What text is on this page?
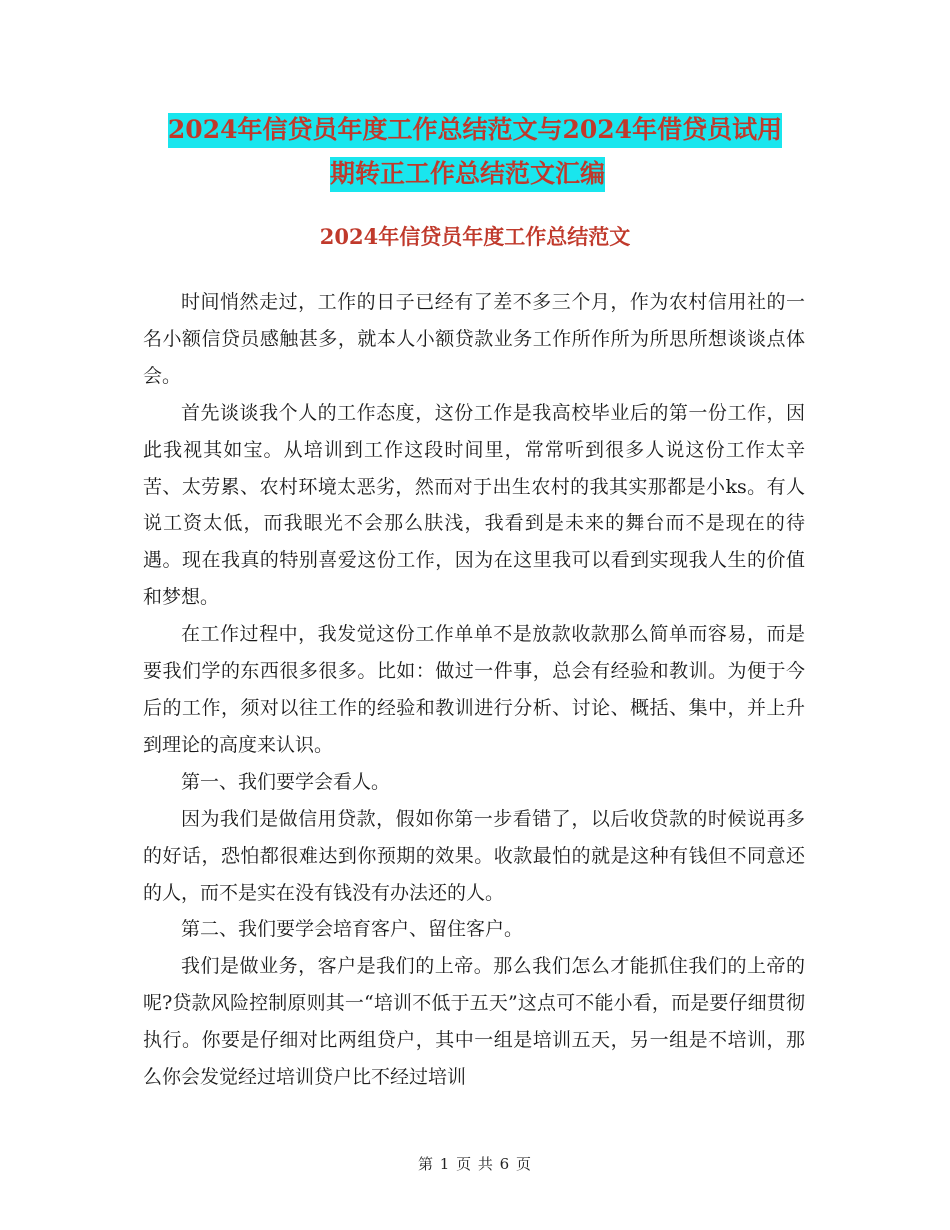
2024年信贷员年度工作总结范文与2024年借贷员试用
期转正工作总结范文汇编
2024年信贷员年度工作总结范文

时间悄然走过，工作的日子已经有了差不多三个月，作为农村信用社的一名小额信贷员感触甚多，就本人小额贷款业务工作所作所为所思所想谈谈点体会。

首先谈谈我个人的工作态度，这份工作是我高校毕业后的第一份工作，因此我视其如宝。从培训到工作这段时间里，常常听到很多人说这份工作太辛苦、太劳累、农村环境太恶劣，然而对于出生农村的我其实那都是小ks。有人说工资太低，而我眼光不会那么肤浅，我看到是未来的舞台而不是现在的待遇。现在我真的特别喜爱这份工作，因为在这里我可以看到实现我人生的价值和梦想。

在工作过程中，我发觉这份工作单单不是放款收款那么简单而容易，而是要我们学的东西很多很多。比如：做过一件事，总会有经验和教训。为便于今后的工作，须对以往工作的经验和教训进行分析、讨论、概括、集中，并上升到理论的高度来认识。

第一、我们要学会看人。

因为我们是做信用贷款，假如你第一步看错了，以后收贷款的时候说再多的好话，恐怕都很难达到你预期的效果。收款最怕的就是这种有钱但不同意还的人，而不是实在没有钱没有办法还的人。

第二、我们要学会培育客户、留住客户。

我们是做业务，客户是我们的上帝。那么我们怎么才能抓住我们的上帝的呢?贷款风险控制原则其一“培训不低于五天”这点可不能小看，而是要仔细贯彻执行。你要是仔细对比两组贷户，其中一组是培训五天，另一组是不培训，那么你会发觉经过培训贷户比不经过培训

第 1 页 共 6 页
